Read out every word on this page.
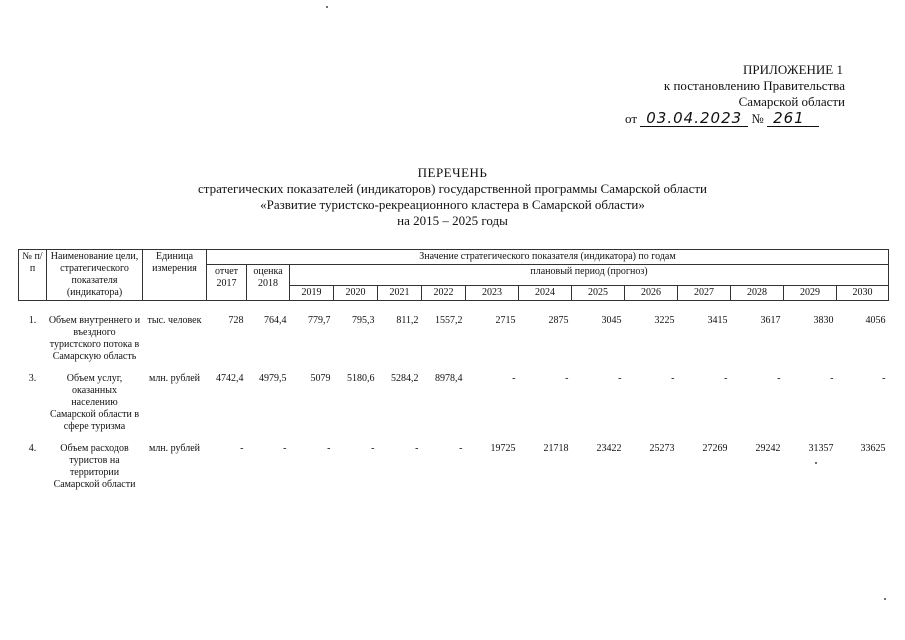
ПРИЛОЖЕНИЕ 1
к постановлению Правительства
Самарской области
от 03.04.2023 № 261
ПЕРЕЧЕНЬ
стратегических показателей (индикаторов) государственной программы Самарской области
«Развитие туристско-рекреационного кластера в Самарской области»
на 2015 – 2025 годы
№ п/п	Наименование цели, стратегического показателя (индикатора)	Единица измерения	Значение стратегического показателя (индикатора) по годам													
			отчет 2017	оценка 2018	плановый период (прогноз)											
					2019	2020	2021	2022	2023	2024	2025	2026	2027	2028	2029	2030

1.	Объем внутреннего и въездного туристского потока в Самарскую область	тыс. человек	728	764,4	779,7	795,3	811,2	1557,2	2715	2875	3045	3225	3415	3617	3830	4056
3.	Объем услуг, оказанных населению Самарской области в сфере туризма	млн. рублей	4742,4	4979,5	5079	5180,6	5284,2	8978,4	-	-	-	-	-	-	-	-
4.	Объем расходов туристов на территории Самарской области	млн. рублей	-	-	-	-	-	-	19725	21718	23422	25273	27269	29242	31357	33625
